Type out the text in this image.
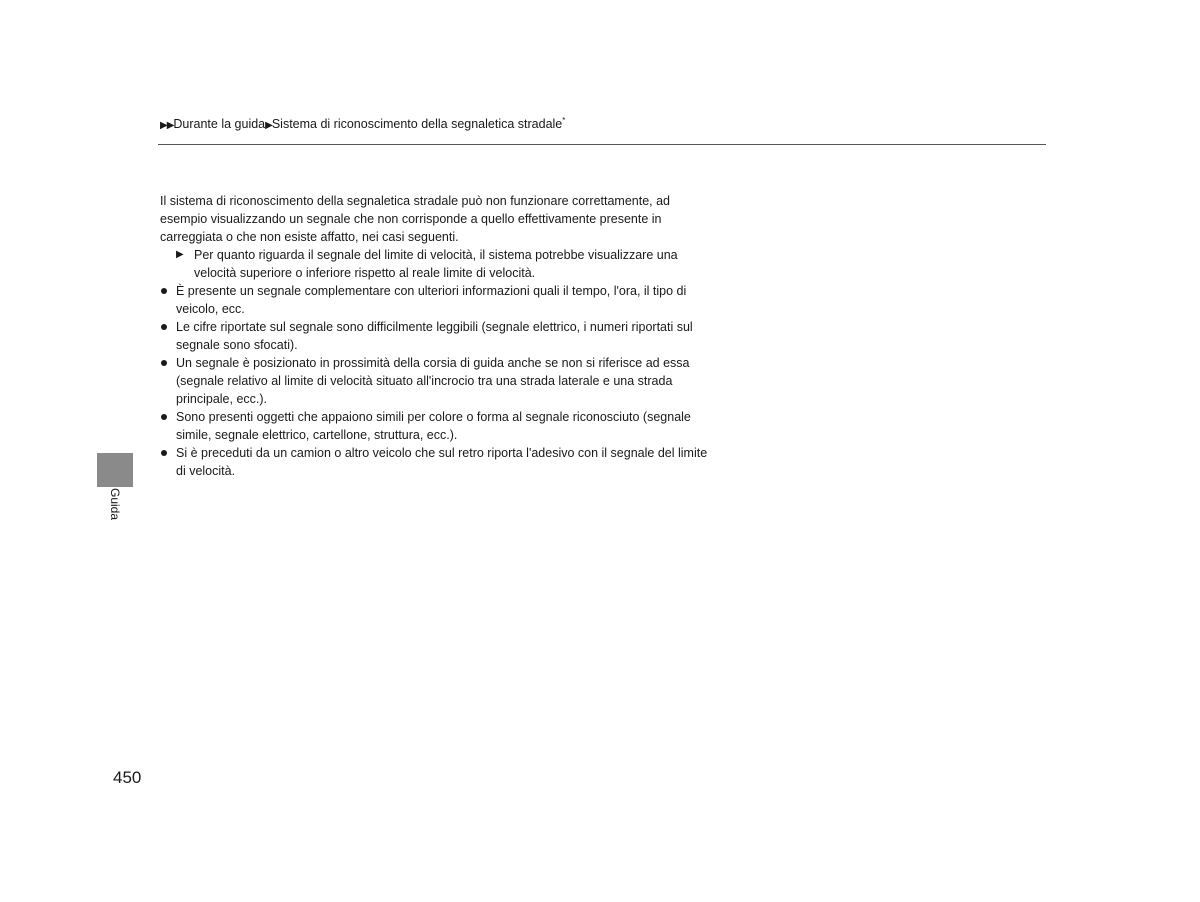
▶▶Durante la guida▶Sistema di riconoscimento della segnaletica stradale*

Il sistema di riconoscimento della segnaletica stradale può non funzionare correttamente, ad esempio visualizzando un segnale che non corrisponde a quello effettivamente presente in carreggiata o che non esiste affatto, nei casi seguenti.

▶ Per quanto riguarda il segnale del limite di velocità, il sistema potrebbe visualizzare una velocità superiore o inferiore rispetto al reale limite di velocità.

È presente un segnale complementare con ulteriori informazioni quali il tempo, l'ora, il tipo di veicolo, ecc.
Le cifre riportate sul segnale sono difficilmente leggibili (segnale elettrico, i numeri riportati sul segnale sono sfocati).
Un segnale è posizionato in prossimità della corsia di guida anche se non si riferisce ad essa (segnale relativo al limite di velocità situato all'incrocio tra una strada laterale e una strada principale, ecc.).
Sono presenti oggetti che appaiono simili per colore o forma al segnale riconosciuto (segnale simile, segnale elettrico, cartellone, struttura, ecc.).
Si è preceduti da un camion o altro veicolo che sul retro riporta l'adesivo con il segnale del limite di velocità.
Guida
450
